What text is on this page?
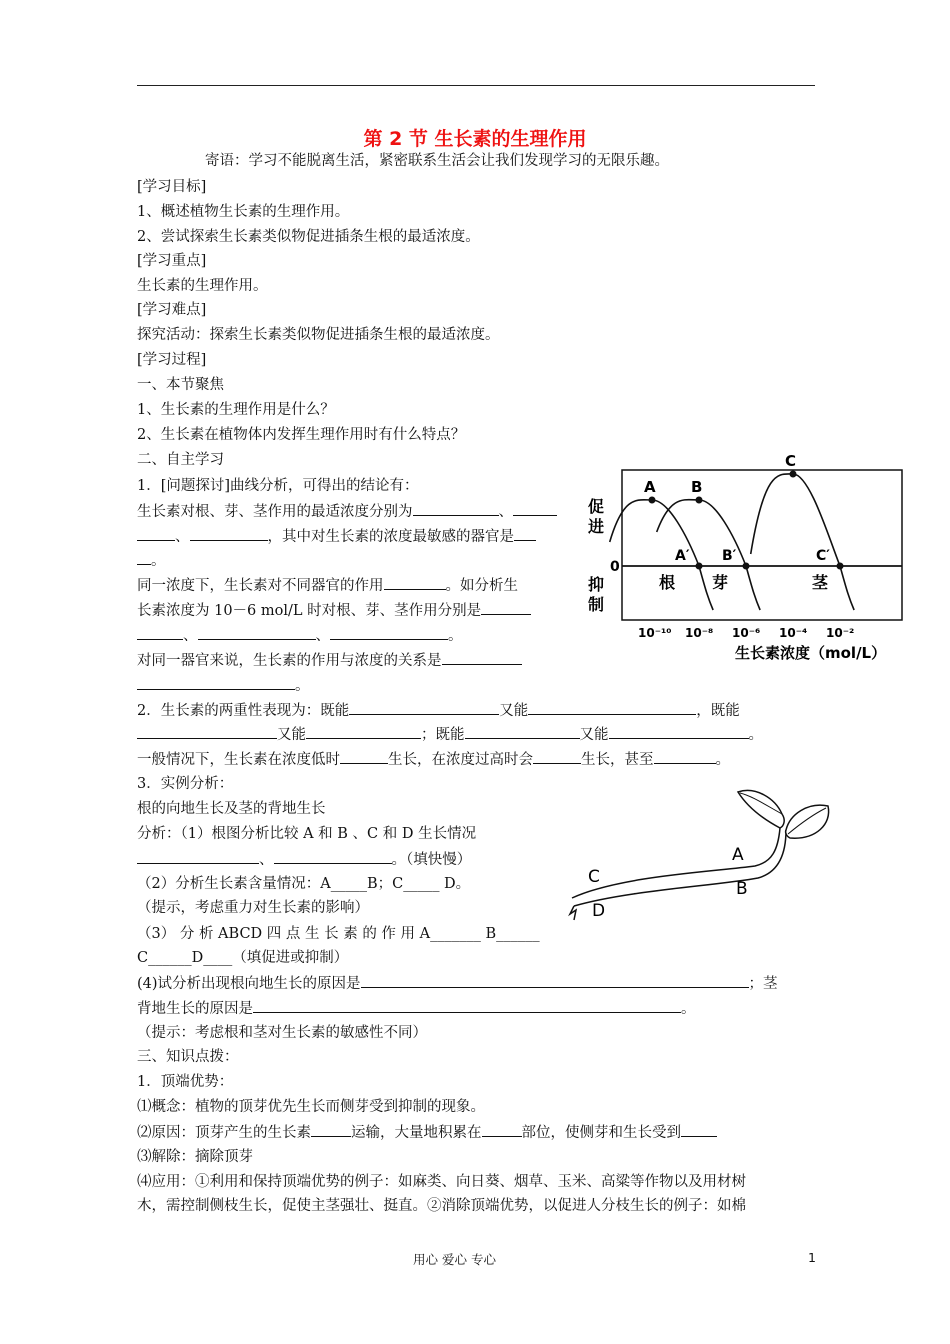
第 2 节 生长素的生理作用
寄语：学习不能脱离生活，紧密联系生活会让我们发现学习的无限乐趣。
[学习目标]
1、概述植物生长素的生理作用。
2、尝试探索生长素类似物促进插条生根的最适浓度。
[学习重点]
生长素的生理作用。
[学习难点]
探究活动：探索生长素类似物促进插条生根的最适浓度。
[学习过程]
一、本节聚焦
1、生长素的生理作用是什么？
2、生长素在植物体内发挥生理作用时有什么特点？
二、自主学习
1．[问题探讨]曲线分析，可得出的结论有：
生长素对根、芽、茎作用的最适浓度分别为	、
、	，其中对生长素的浓度最敏感的器官是
。
同一浓度下，生长素对不同器官的作用	。如分析生
长素浓度为 10－6 mol/L 时对根、芽、茎作用分别是
、	、	。
对同一器官来说，生长素的作用与浓度的关系是
。
2．生长素的两重性表现为：既能	又能	，既能
又能	；既能	又能	。
一般情况下，生长素在浓度低时	生长，在浓度过高时会	生长，甚至	。
3．实例分析：
根的向地生长及茎的背地生长
分析：（1）根图分析比较 A 和 B 、C 和 D 生长情况
、	。（填快慢）
（2）分析生长素含量情况：A_____B；C_____ D。
（提示，考虑重力对生长素的影响）
（3） 分 析 ABCD 四 点 生 长 素 的 作 用 A_______ B______
C______D____（填促进或抑制）
(4)试分析出现根向地生长的原因是	；茎
背地生长的原因是	。
（提示：考虑根和茎对生长素的敏感性不同）
三、知识点拨：
1．顶端优势：
⑴概念：植物的顶芽优先生长而侧芽受到抑制的现象。
⑵原因：顶芽产生的生长素	运输，大量地积累在	部位，使侧芽和生长受到
⑶解除：摘除顶芽
⑷应用：①利用和保持顶端优势的例子：如麻类、向日葵、烟草、玉米、高粱等作物以及用材树
木，需控制侧枝生长，促使主茎强壮、挺直。②消除顶端优势，以促进人分枝生长的例子：如棉
用心 爱心 专心	1
A
A′
根
B
B′
芽
C
C′
茎
10⁻¹⁰ 10⁻⁸ 10⁻⁶ 10⁻⁴ 10⁻²
促进
抑制
0
生长素浓度（mol/L）
A
B
C
D
